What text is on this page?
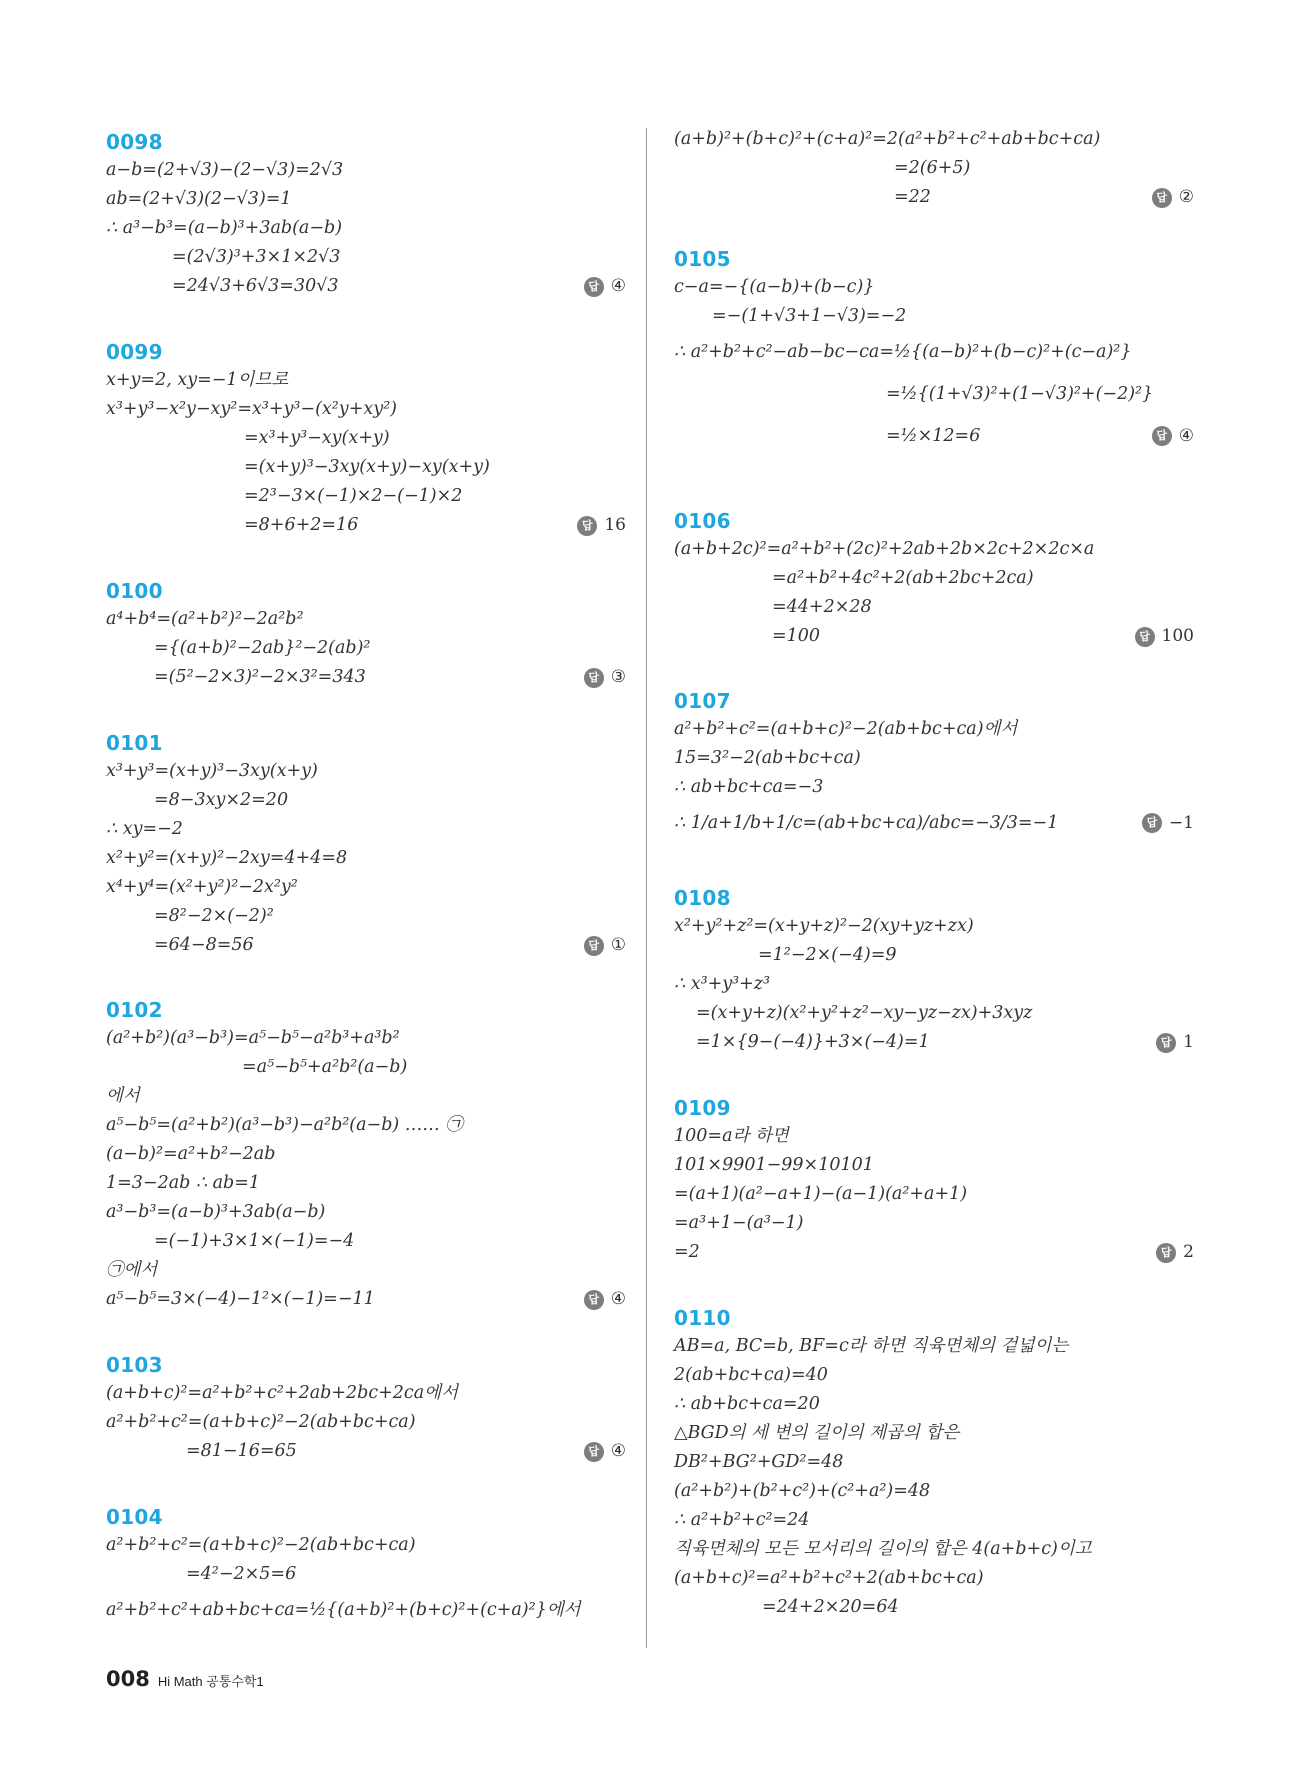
0098
a−b=(2+√3)−(2−√3)=2√3
ab=(2+√3)(2−√3)=1
∴ a³−b³=(a−b)³+3ab(a−b)
=(2√3)³+3×1×2√3
=24√3+6√3=30√3	답 ④
0099
x+y=2, xy=−1이므로
x³+y³−x²y−xy²=x³+y³−(x²y+xy²)
=x³+y³−xy(x+y)
=(x+y)³−3xy(x+y)−xy(x+y)
=2³−3×(−1)×2−(−1)×2
=8+6+2=16	답 16
0100
a⁴+b⁴=(a²+b²)²−2a²b²
={(a+b)²−2ab}²−2(ab)²
=(5²−2×3)²−2×3²=343	답 ③
0101
x³+y³=(x+y)³−3xy(x+y)
=8−3xy×2=20
∴ xy=−2
x²+y²=(x+y)²−2xy=4+4=8
x⁴+y⁴=(x²+y²)²−2x²y²
=8²−2×(−2)²
=64−8=56	답 ①
0102
(a²+b²)(a³−b³)=a⁵−b⁵−a²b³+a³b²
=a⁵−b⁵+a²b²(a−b)
에서
a⁵−b⁵=(a²+b²)(a³−b³)−a²b²(a−b) …… ㉠
(a−b)²=a²+b²−2ab
1=3−2ab ∴ ab=1
a³−b³=(a−b)³+3ab(a−b)
=(−1)+3×1×(−1)=−4
㉠에서
a⁵−b⁵=3×(−4)−1²×(−1)=−11	답 ④
0103
(a+b+c)²=a²+b²+c²+2ab+2bc+2ca에서
a²+b²+c²=(a+b+c)²−2(ab+bc+ca)
=81−16=65	답 ④
0104
a²+b²+c²=(a+b+c)²−2(ab+bc+ca)
=4²−2×5=6
a²+b²+c²+ab+bc+ca=½{(a+b)²+(b+c)²+(c+a)²}에서
(a+b)²+(b+c)²+(c+a)²=2(a²+b²+c²+ab+bc+ca)
=2(6+5)
=22	답 ②
0105
c−a=−{(a−b)+(b−c)}
=−(1+√3+1−√3)=−2
∴ a²+b²+c²−ab−bc−ca=½{(a−b)²+(b−c)²+(c−a)²}
=½{(1+√3)²+(1−√3)²+(−2)²}
=½×12=6	답 ④
0106
(a+b+2c)²=a²+b²+(2c)²+2ab+2b×2c+2×2c×a
=a²+b²+4c²+2(ab+2bc+2ca)
=44+2×28
=100	답 100
0107
a²+b²+c²=(a+b+c)²−2(ab+bc+ca)에서
15=3²−2(ab+bc+ca)
∴ ab+bc+ca=−3
∴ 1/a+1/b+1/c=(ab+bc+ca)/abc=−3/3=−1	답 −1
0108
x²+y²+z²=(x+y+z)²−2(xy+yz+zx)
=1²−2×(−4)=9
∴ x³+y³+z³
=(x+y+z)(x²+y²+z²−xy−yz−zx)+3xyz
=1×{9−(−4)}+3×(−4)=1	답 1
0109
100=a라 하면
101×9901−99×10101
=(a+1)(a²−a+1)−(a−1)(a²+a+1)
=a³+1−(a³−1)
=2	답 2
0110
AB=a, BC=b, BF=c라 하면 직육면체의 겉넓이는
2(ab+bc+ca)=40
∴ ab+bc+ca=20
△BGD의 세 변의 길이의 제곱의 합은
DB²+BG²+GD²=48
(a²+b²)+(b²+c²)+(c²+a²)=48
∴ a²+b²+c²=24
직육면체의 모든 모서리의 길이의 합은 4(a+b+c)이고
(a+b+c)²=a²+b²+c²+2(ab+bc+ca)
=24+2×20=64
008 Hi Math 공통수학1
